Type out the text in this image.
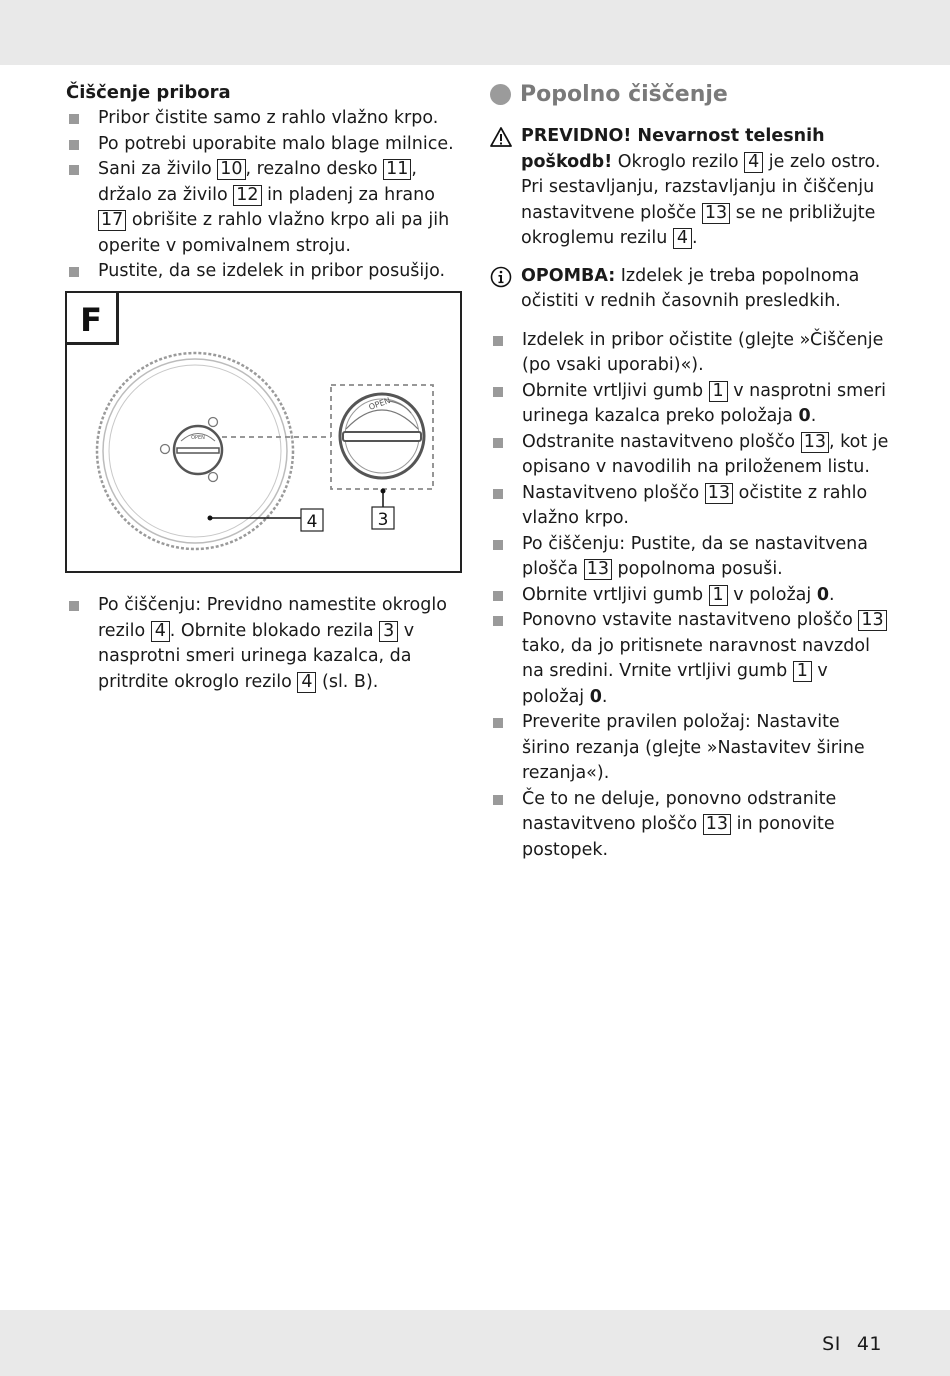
Čiščenje pribora
Pribor čistite samo z rahlo vlažno krpo.
Po potrebi uporabite malo blage milnice.
Sani za živilo 10 , rezalno desko 11 , držalo za živilo 12 in pladenj za hrano 17 obrišite z rahlo vlažno krpo ali pa jih operite v pomivalnem stroju.
Pustite, da se izdelek in pribor posušijo.
F
OPEN
OPEN
4	3
Po čiščenju: Previdno namestite okroglo rezilo 4 . Obrnite blokado rezila 3 v nasprotni smeri urinega kazalca, da pritrdite okroglo rezilo 4 (sl. B).
Popolno čiščenje
PREVIDNO! Nevarnost telesnih poškodb! Okroglo rezilo 4 je zelo ostro. Pri sestavljanju, razstavljanju in čiščenju nastavitvene plošče 13 se ne približujte okroglemu rezilu 4 .
OPOMBA: Izdelek je treba popolnoma očistiti v rednih časovnih presledkih.
Izdelek in pribor očistite (glejte »Čiščenje (po vsaki uporabi)«).
Obrnite vrtljivi gumb 1 v nasprotni smeri urinega kazalca preko položaja 0.
Odstranite nastavitveno ploščo 13 , kot je opisano v navodilih na priloženem listu.
Nastavitveno ploščo 13 očistite z rahlo vlažno krpo.
Po čiščenju: Pustite, da se nastavitvena plošča 13 popolnoma posuši.
Obrnite vrtljivi gumb 1 v položaj 0.
Ponovno vstavite nastavitveno ploščo 13 tako, da jo pritisnete naravnost navzdol na sredini. Vrnite vrtljivi gumb 1 v položaj 0.
Preverite pravilen položaj: Nastavite širino rezanja (glejte »Nastavitev širine rezanja«).
Če to ne deluje, ponovno odstranite nastavitveno ploščo 13 in ponovite postopek.
SI 41
